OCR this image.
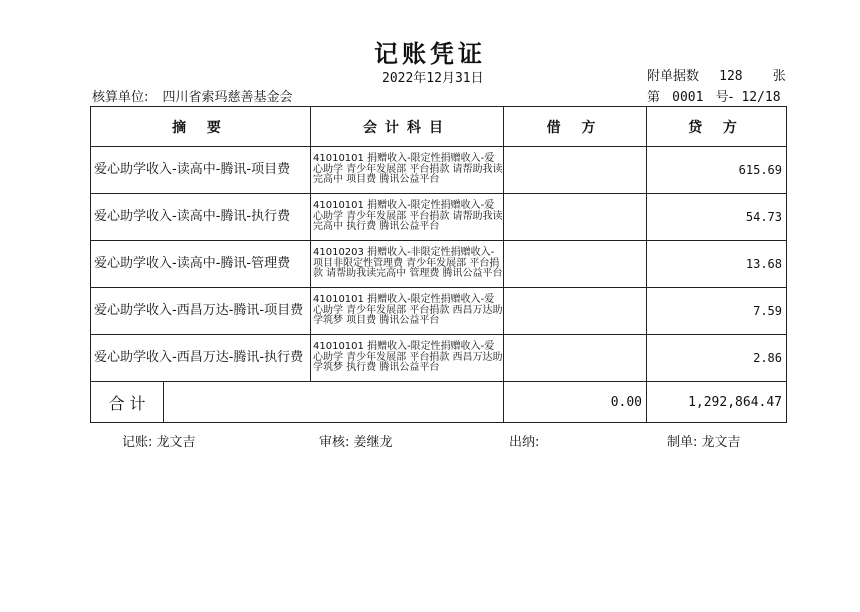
记账凭证
2022年12月31日	附单据数 128 张
核算单位: 四川省索玛慈善基金会	第 0001 号- 12/18
摘 要	会计科目	借 方	贷 方
爱心助学收入-读高中-腾讯-项目费	41010101 捐赠收入-限定性捐赠收入-爱心助学 青少年发展部 平台捐款 请帮助我读完高中 项目费 腾讯公益平台		615.69
爱心助学收入-读高中-腾讯-执行费	41010101 捐赠收入-限定性捐赠收入-爱心助学 青少年发展部 平台捐款 请帮助我读完高中 执行费 腾讯公益平台		54.73
爱心助学收入-读高中-腾讯-管理费	41010203 捐赠收入-非限定性捐赠收入-项目非限定性管理费 青少年发展部 平台捐款 请帮助我读完高中 管理费 腾讯公益平台		13.68
爱心助学收入-西昌万达-腾讯-项目费	41010101 捐赠收入-限定性捐赠收入-爱心助学 青少年发展部 平台捐款 西昌万达助学筑梦 项目费 腾讯公益平台		7.59
爱心助学收入-西昌万达-腾讯-执行费	41010101 捐赠收入-限定性捐赠收入-爱心助学 青少年发展部 平台捐款 西昌万达助学筑梦 执行费 腾讯公益平台		2.86

合 计		0.00	1,292,864.47
记账: 龙文吉	审核: 姜继龙	出纳:	制单: 龙文吉
